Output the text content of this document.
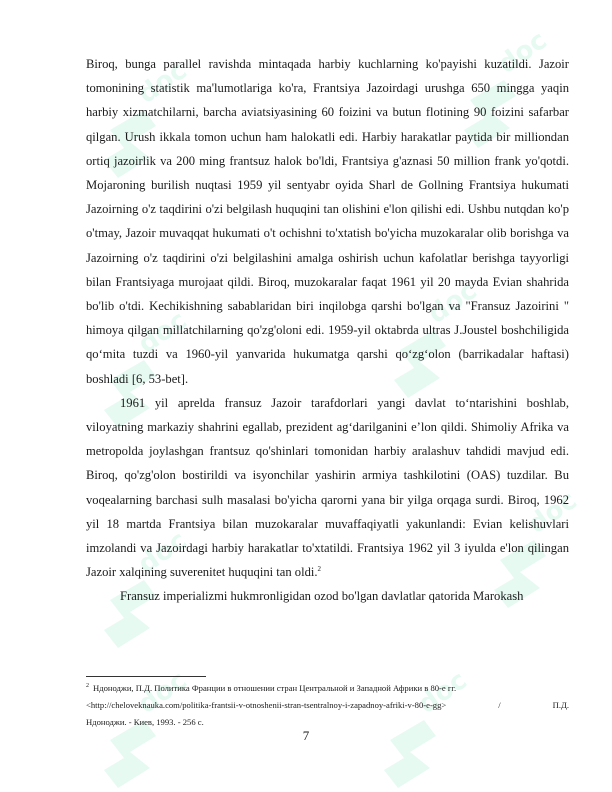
Biroq, bunga parallel ravishda mintaqada harbiy kuchlarning ko'payishi kuzatildi. Jazoir tomonining statistik ma'lumotlariga ko'ra, Frantsiya Jazoirdagi urushga 650 mingga yaqin harbiy xizmatchilarni, barcha aviatsiyasining 60 foizini va butun flotining 90 foizini safarbar qilgan. Urush ikkala tomon uchun ham halokatli edi. Harbiy harakatlar paytida bir milliondan ortiq jazoirlik va 200 ming frantsuz halok bo'ldi, Frantsiya g'aznasi 50 million frank yo'qotdi. Mojaroning burilish nuqtasi 1959 yil sentyabr oyida Sharl de Gollning Frantsiya hukumati Jazoirning o'z taqdirini o'zi belgilash huquqini tan olishini e'lon qilishi edi. Ushbu nutqdan ko'p o'tmay, Jazoir muvaqqat hukumati o't ochishni to'xtatish bo'yicha muzokaralar olib borishga va Jazoirning o'z taqdirini o'zi belgilashini amalga oshirish uchun kafolatlar berishga tayyorligi bilan Frantsiyaga murojaat qildi. Biroq, muzokaralar faqat 1961 yil 20 mayda Evian shahrida bo'lib o'tdi. Kechikishning sabablaridan biri inqilobga qarshi bo'lgan va "Fransuz Jazoirini " himoya qilgan millatchilarning qo'zg'oloni edi. 1959-yil oktabrda ultras J.Joustel boshchiligida qo‘mita tuzdi va 1960-yil yanvarida hukumatga qarshi qo‘zg‘olon (barrikadalar haftasi) boshladi [6, 53-bet].

1961 yil aprelda fransuz Jazoir tarafdorlari yangi davlat to‘ntarishini boshlab, viloyatning markaziy shahrini egallab, prezident ag‘darilganini e’lon qildi. Shimoliy Afrika va metropolda joylashgan frantsuz qo'shinlari tomonidan harbiy aralashuv tahdidi mavjud edi. Biroq, qo'zg'olon bostirildi va isyonchilar yashirin armiya tashkilotini (OAS) tuzdilar. Bu voqealarning barchasi sulh masalasi bo'yicha qarorni yana bir yilga orqaga surdi. Biroq, 1962 yil 18 martda Frantsiya bilan muzokaralar muvaffaqiyatli yakunlandi: Evian kelishuvlari imzolandi va Jazoirdagi harbiy harakatlar to'xtatildi. Frantsiya 1962 yil 3 iyulda e'lon qilingan Jazoir xalqining suverenitet huquqini tan oldi.$^2$

Fransuz imperializmi hukmronligidan ozod bo'lgan davlatlar qatorida Marokash

$^2$ Ндоноджи, П.Д. Политика Франции в отношении стран Центральной и Западной Африки в 80-е гг.
<http://cheloveknauka.com/politika-frantsii-v-otnoshenii-stran-tsentralnoy-i-zapadnoy-afriki-v-80-e-gg>	/	П.Д.
Ндоноджи. - Киев, 1993. - 256 с.
7
